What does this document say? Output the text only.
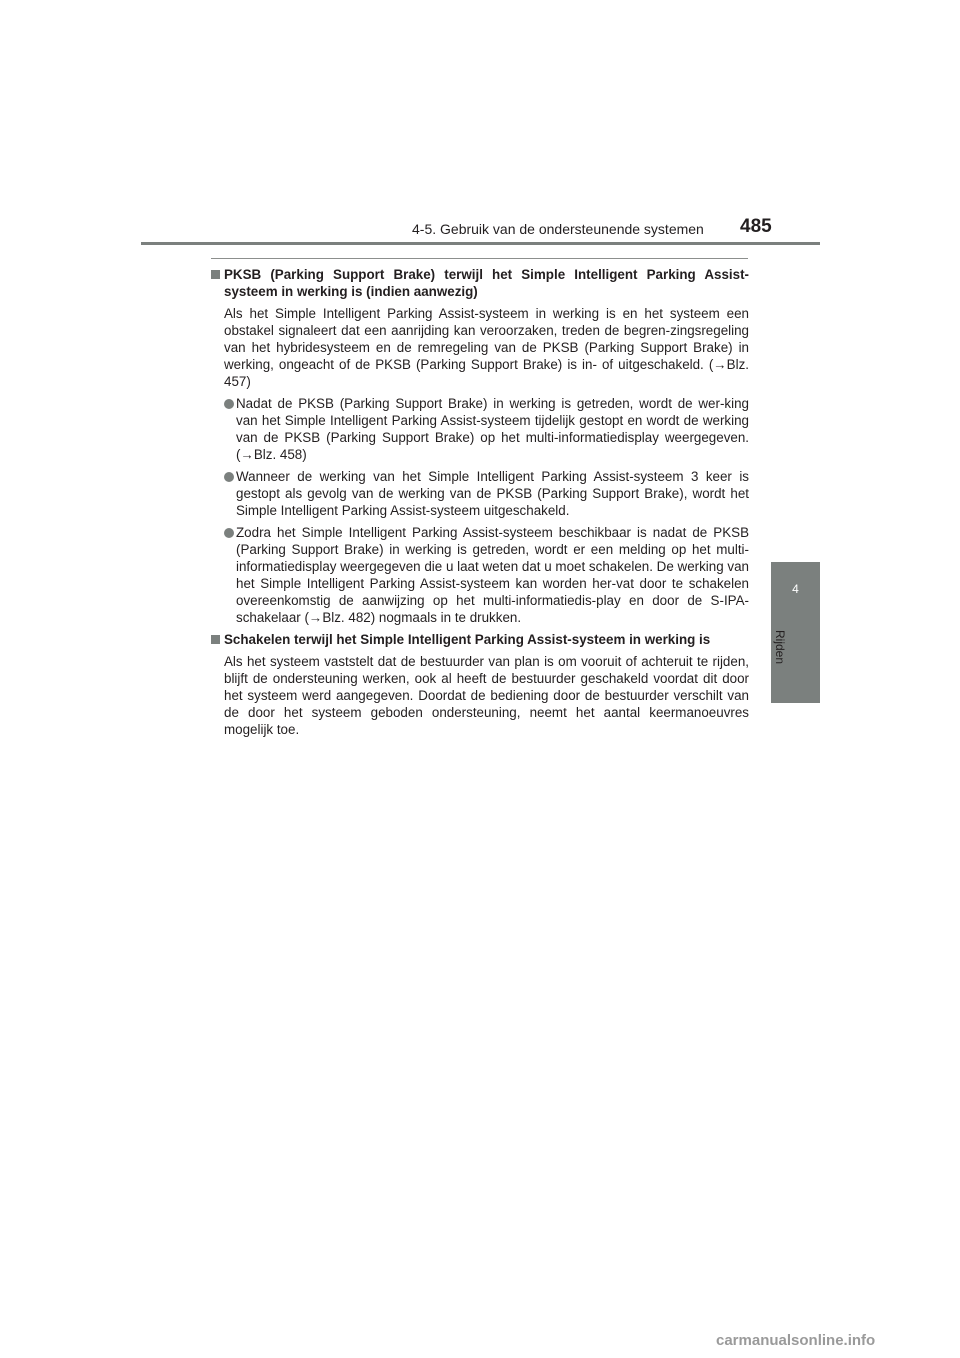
4-5. Gebruik van de ondersteunende systemen 485
4
Rijden
PKSB (Parking Support Brake) terwijl het Simple Intelligent Parking Assist-systeem in werking is (indien aanwezig)
Als het Simple Intelligent Parking Assist-systeem in werking is en het systeem een obstakel signaleert dat een aanrijding kan veroorzaken, treden de begren-zingsregeling van het hybridesysteem en de remregeling van de PKSB (Parking Support Brake) in werking, ongeacht of de PKSB (Parking Support Brake) is in- of uitgeschakeld. (→Blz. 457)
Nadat de PKSB (Parking Support Brake) in werking is getreden, wordt de wer-king van het Simple Intelligent Parking Assist-systeem tijdelijk gestopt en wordt de werking van de PKSB (Parking Support Brake) op het multi-informatiedisplay weergegeven. (→Blz. 458)
Wanneer de werking van het Simple Intelligent Parking Assist-systeem 3 keer is gestopt als gevolg van de werking van de PKSB (Parking Support Brake), wordt het Simple Intelligent Parking Assist-systeem uitgeschakeld.
Zodra het Simple Intelligent Parking Assist-systeem beschikbaar is nadat de PKSB (Parking Support Brake) in werking is getreden, wordt er een melding op het multi-informatiedisplay weergegeven die u laat weten dat u moet schakelen. De werking van het Simple Intelligent Parking Assist-systeem kan worden her-vat door te schakelen overeenkomstig de aanwijzing op het multi-informatiedis-play en door de S-IPA-schakelaar (→Blz. 482) nogmaals in te drukken.
Schakelen terwijl het Simple Intelligent Parking Assist-systeem in werking is
Als het systeem vaststelt dat de bestuurder van plan is om vooruit of achteruit te rijden, blijft de ondersteuning werken, ook al heeft de bestuurder geschakeld voordat dit door het systeem werd aangegeven. Doordat de bediening door de bestuurder verschilt van de door het systeem geboden ondersteuning, neemt het aantal keermanoeuvres mogelijk toe.
carmanualsonline.info
